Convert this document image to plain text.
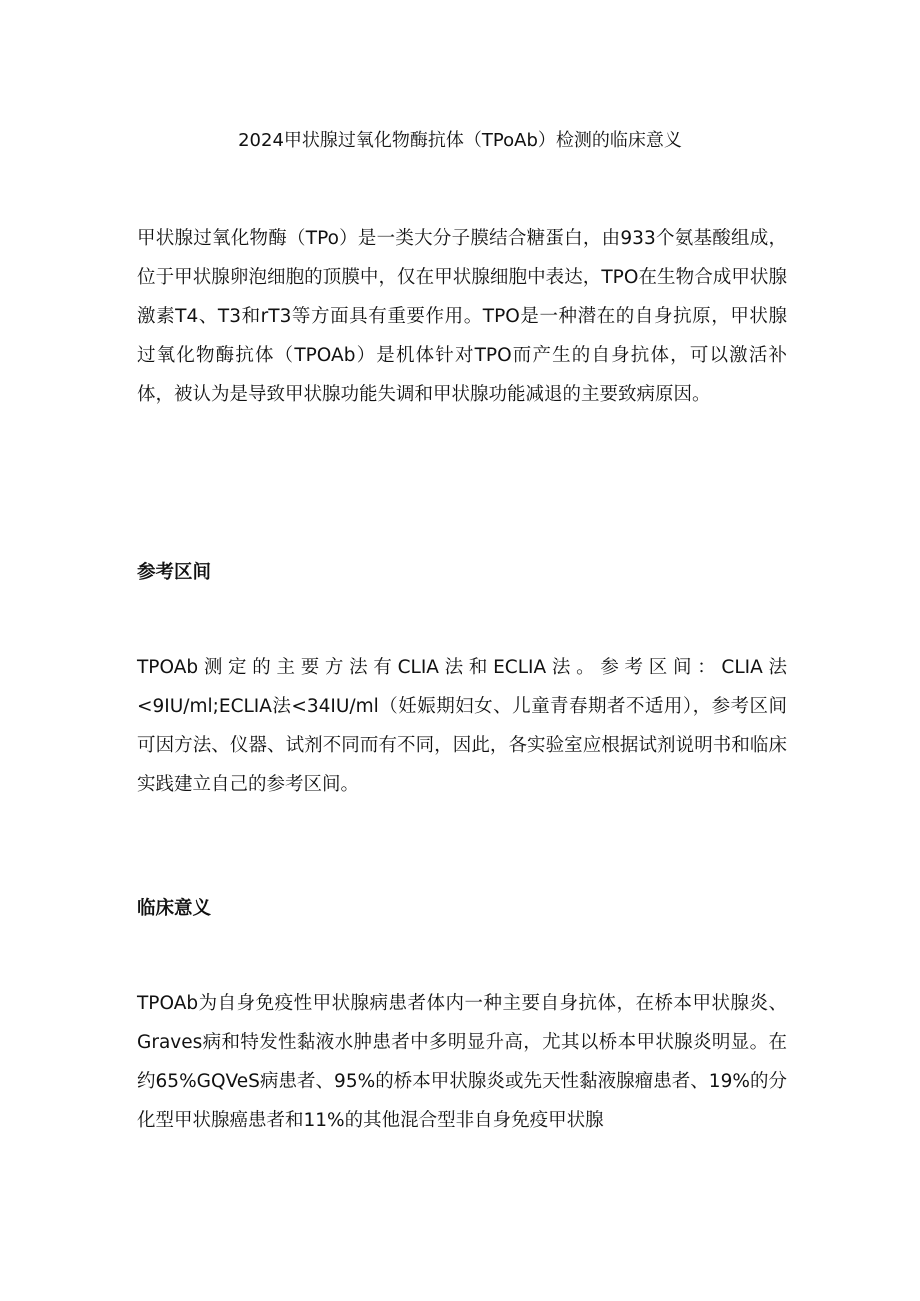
2024甲状腺过氧化物酶抗体（TPoAb）检测的临床意义

甲状腺过氧化物酶（TPo）是一类大分子膜结合糖蛋白，由933个氨基酸组成，位于甲状腺卵泡细胞的顶膜中，仅在甲状腺细胞中表达，TPO在生物合成甲状腺激素T4、T3和rT3等方面具有重要作用。TPO是一种潜在的自身抗原，甲状腺过氧化物酶抗体（TPOAb）是机体针对TPO而产生的自身抗体，可以激活补体，被认为是导致甲状腺功能失调和甲状腺功能减退的主要致病原因。

参考区间

TPOAb测定的主要方法有CLIA法和ECLIA法。参考区间：CLIA法<9IU/ml;ECLIA法<34IU/ml（妊娠期妇女、儿童青春期者不适用），参考区间可因方法、仪器、试剂不同而有不同，因此，各实验室应根据试剂说明书和临床实践建立自己的参考区间。

临床意义

TPOAb为自身免疫性甲状腺病患者体内一种主要自身抗体，在桥本甲状腺炎、Graves病和特发性黏液水肿患者中多明显升高，尤其以桥本甲状腺炎明显。在约65%GQVeS病患者、95%的桥本甲状腺炎或先天性黏液腺瘤患者、19%的分化型甲状腺癌患者和11%的其他混合型非自身免疫甲状腺
